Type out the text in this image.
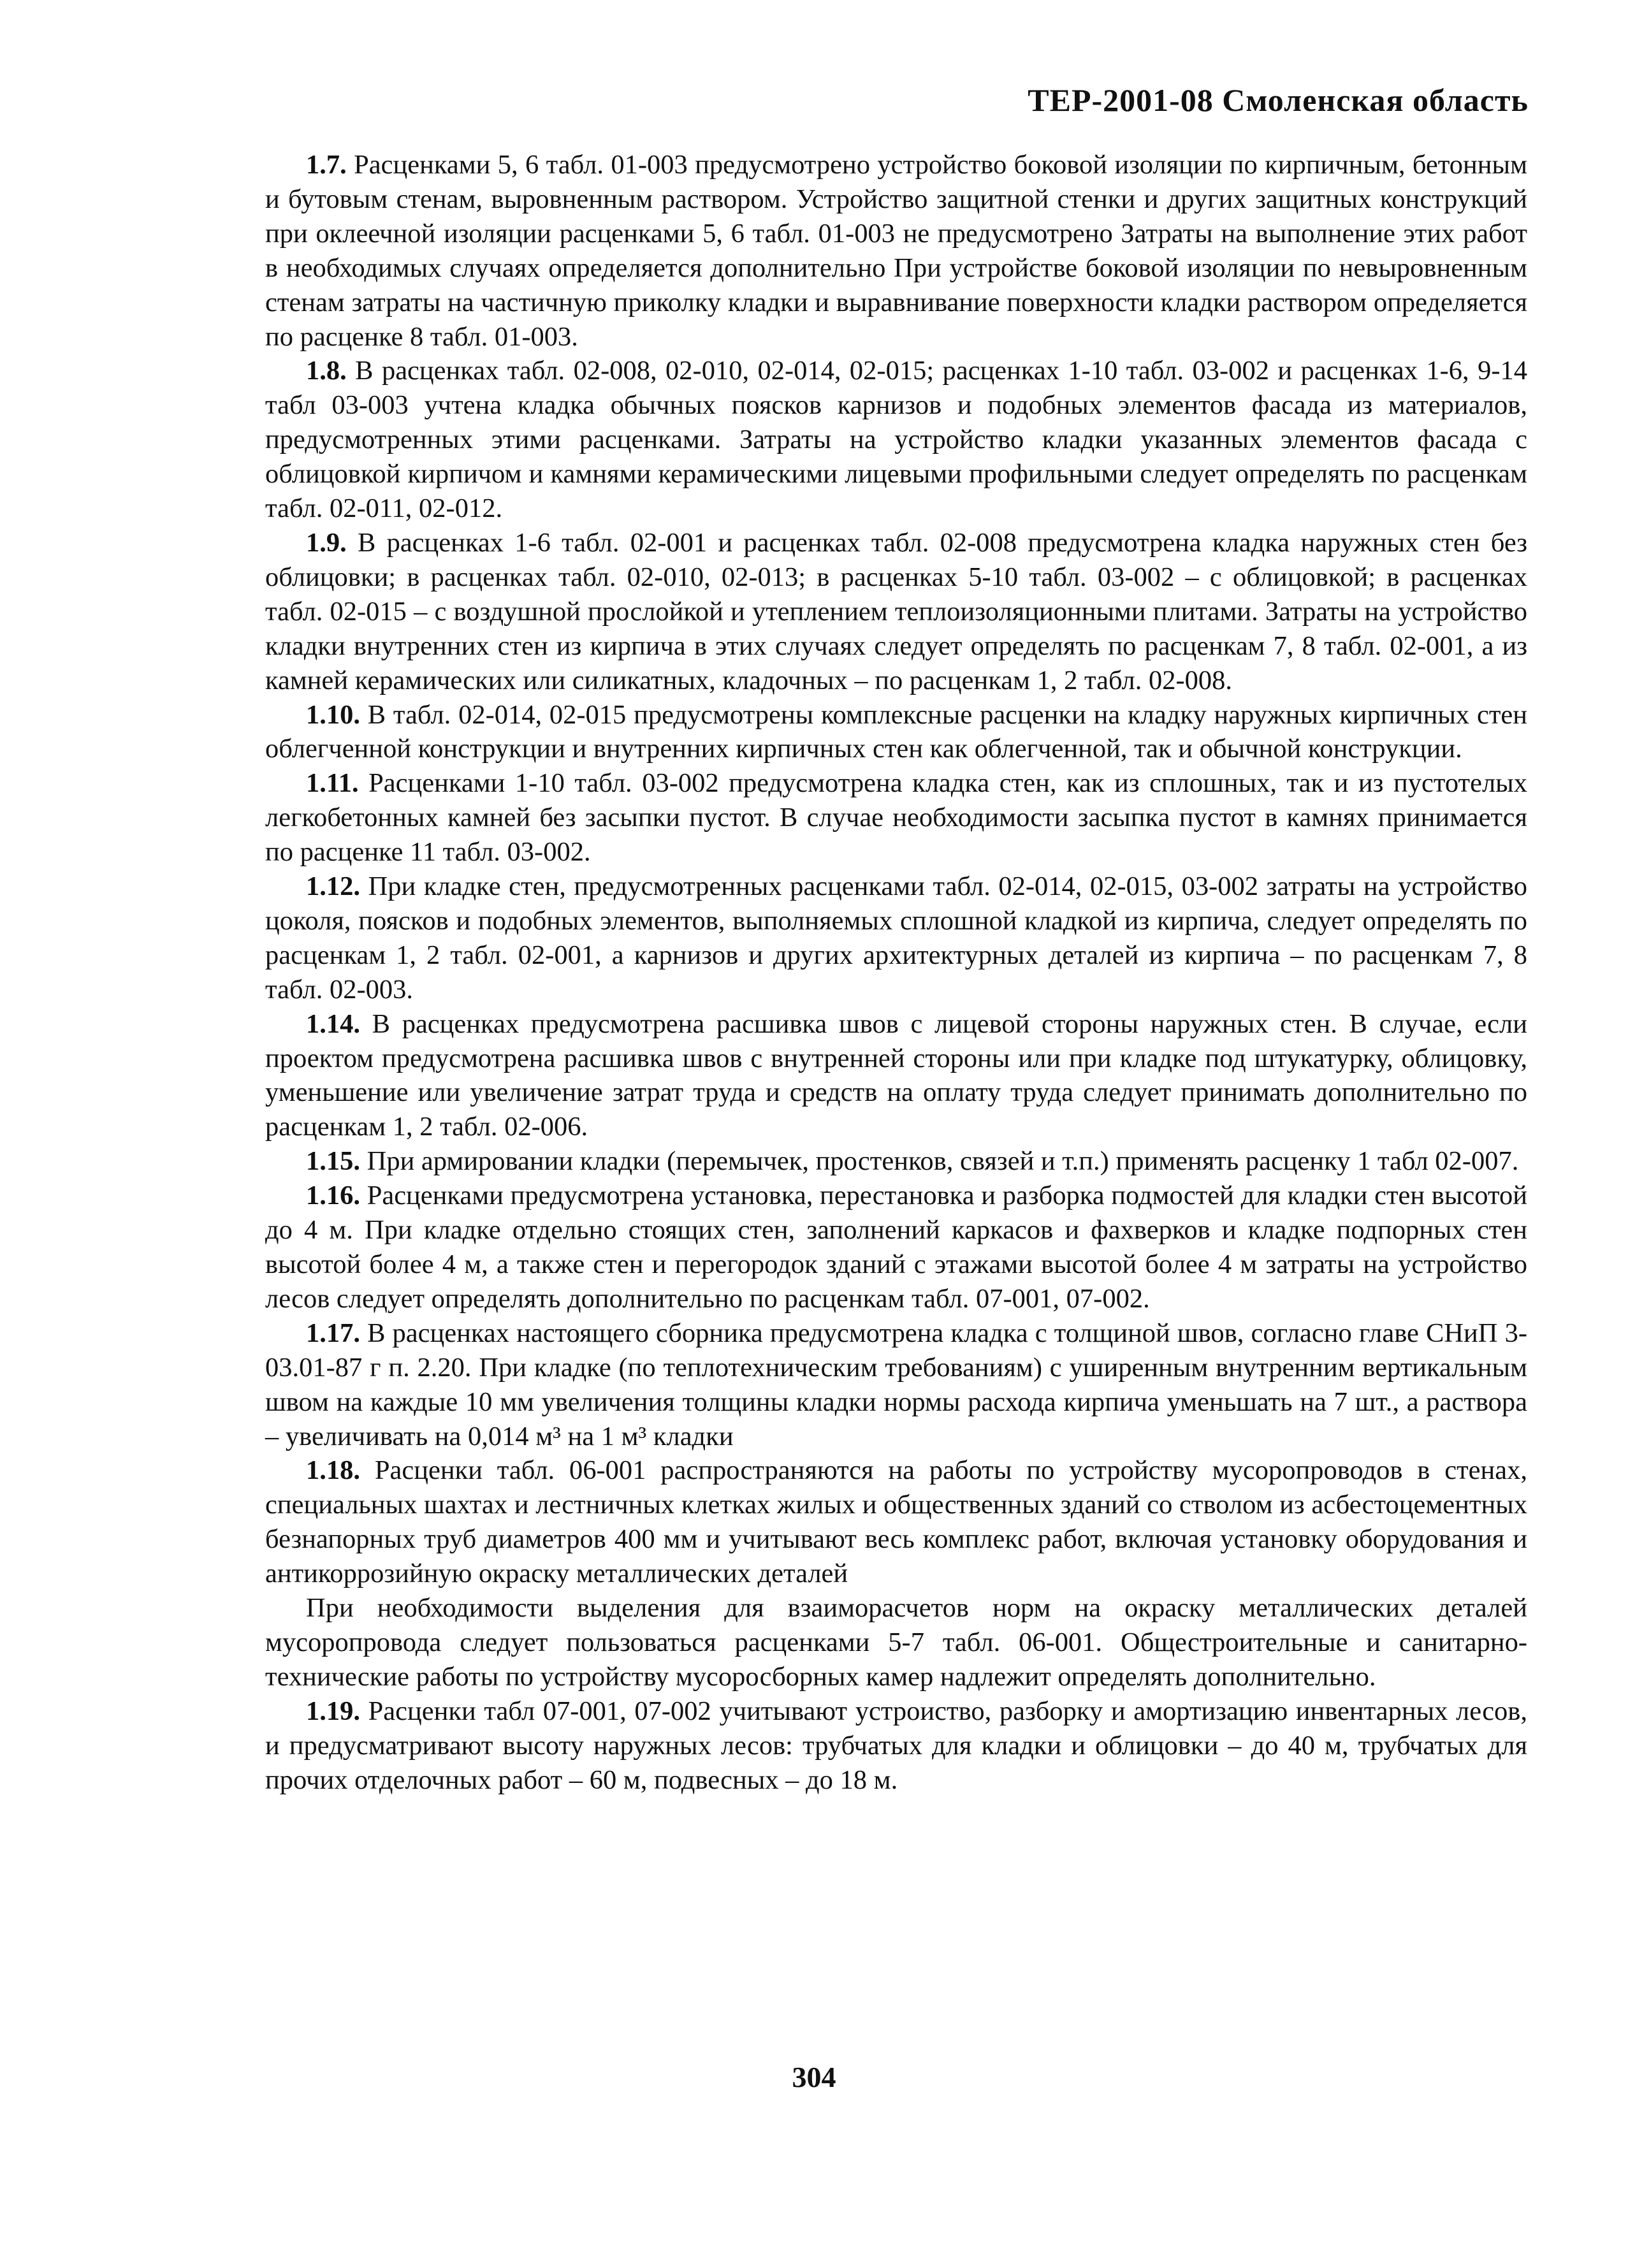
ТЕР-2001-08 Смоленская область

1.7. Расценками 5, 6 табл. 01-003 предусмотрено устройство боковой изоляции по кирпичным, бетонным и бутовым стенам, выровненным раствором. Устройство защитной стенки и других защитных конструкций при оклеечной изоляции расценками 5, 6 табл. 01-003 не предусмотрено Затраты на выполнение этих работ в необходимых случаях определяется дополнительно При устройстве боковой изоляции по невыровненным стенам затраты на частичную приколку кладки и выравнивание поверхности кладки раствором определяется по расценке 8 табл. 01-003.

1.8. В расценках табл. 02-008, 02-010, 02-014, 02-015; расценках 1-10 табл. 03-002 и расценках 1-6, 9-14 табл 03-003 учтена кладка обычных поясков карнизов и подобных элементов фасада из материалов, предусмотренных этими расценками. Затраты на устройство кладки указанных элементов фасада с облицовкой кирпичом и камнями керамическими лицевыми профильными следует определять по расценкам табл. 02-011, 02-012.

1.9. В расценках 1-6 табл. 02-001 и расценках табл. 02-008 предусмотрена кладка наружных стен без облицовки; в расценках табл. 02-010, 02-013; в расценках 5-10 табл. 03-002 – с облицовкой; в расценках табл. 02-015 – с воздушной прослойкой и утеплением теплоизоляционными плитами. Затраты на устройство кладки внутренних стен из кирпича в этих случаях следует определять по расценкам 7, 8 табл. 02-001, а из камней керамических или силикатных, кладочных – по расценкам 1, 2 табл. 02-008.

1.10. В табл. 02-014, 02-015 предусмотрены комплексные расценки на кладку наружных кирпичных стен облегченной конструкции и внутренних кирпичных стен как облегченной, так и обычной конструкции.

1.11. Расценками 1-10 табл. 03-002 предусмотрена кладка стен, как из сплошных, так и из пустотелых легкобетонных камней без засыпки пустот. В случае необходимости засыпка пустот в камнях принимается по расценке 11 табл. 03-002.

1.12. При кладке стен, предусмотренных расценками табл. 02-014, 02-015, 03-002 затраты на устройство цоколя, поясков и подобных элементов, выполняемых сплошной кладкой из кирпича, следует определять по расценкам 1, 2 табл. 02-001, а карнизов и других архитектурных деталей из кирпича – по расценкам 7, 8 табл. 02-003.

1.14. В расценках предусмотрена расшивка швов с лицевой стороны наружных стен. В случае, если проектом предусмотрена расшивка швов с внутренней стороны или при кладке под штукатурку, облицовку, уменьшение или увеличение затрат труда и средств на оплату труда следует принимать дополнительно по расценкам 1, 2 табл. 02-006.

1.15. При армировании кладки (перемычек, простенков, связей и т.п.) применять расценку 1 табл 02-007.

1.16. Расценками предусмотрена установка, перестановка и разборка подмостей для кладки стен высотой до 4 м. При кладке отдельно стоящих стен, заполнений каркасов и фахверков и кладке подпорных стен высотой более 4 м, а также стен и перегородок зданий с этажами высотой более 4 м затраты на устройство лесов следует определять дополнительно по расценкам табл. 07-001, 07-002.

1.17. В расценках настоящего сборника предусмотрена кладка с толщиной швов, согласно главе СНиП 3-03.01-87 г п. 2.20. При кладке (по теплотехническим требованиям) с уширенным внутренним вертикальным швом на каждые 10 мм увеличения толщины кладки нормы расхода кирпича уменьшать на 7 шт., а раствора – увеличивать на 0,014 м³ на 1 м³ кладки

1.18. Расценки табл. 06-001 распространяются на работы по устройству мусоропроводов в стенах, специальных шахтах и лестничных клетках жилых и общественных зданий со стволом из асбестоцементных безнапорных труб диаметров 400 мм и учитывают весь комплекс работ, включая установку оборудования и антикоррозийную окраску металлических деталей

При необходимости выделения для взаиморасчетов норм на окраску металлических деталей мусоропровода следует пользоваться расценками 5-7 табл. 06-001. Общестроительные и санитарно-технические работы по устройству мусоросборных камер надлежит определять дополнительно.

1.19. Расценки табл 07-001, 07-002 учитывают устроиство, разборку и амортизацию инвентарных лесов, и предусматривают высоту наружных лесов: трубчатых для кладки и облицовки – до 40 м, трубчатых для прочих отделочных работ – 60 м, подвесных – до 18 м.

304
